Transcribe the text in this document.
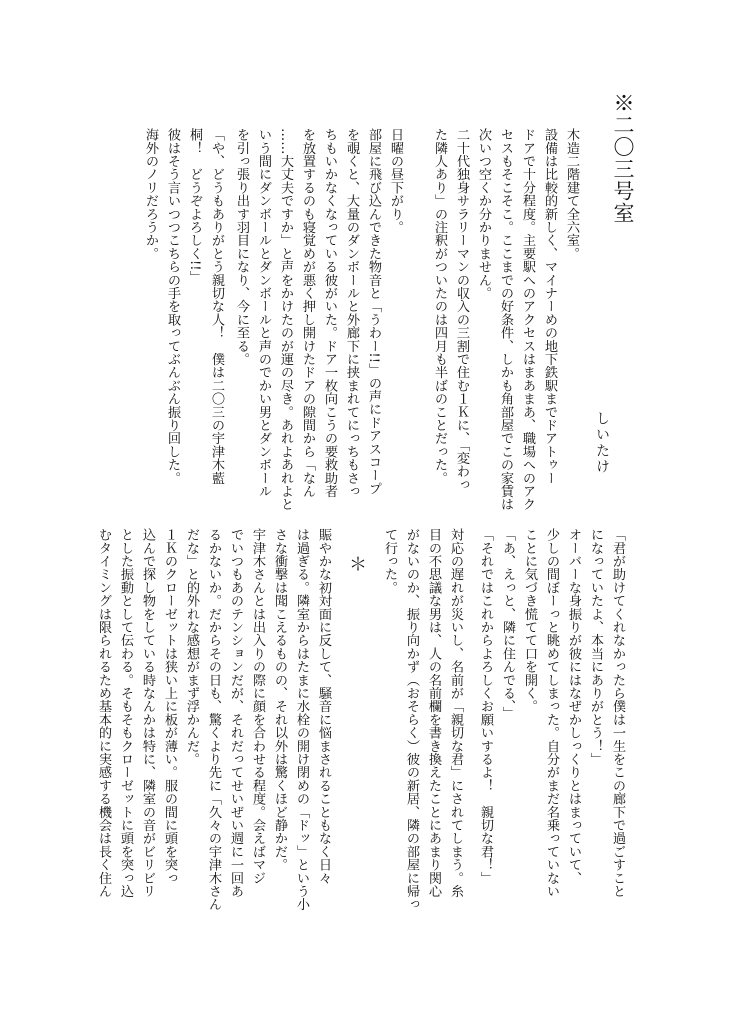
※二〇三号室
しいたけ
木造二階建て全六室。
設備は比較的新しく、マイナーめの地下鉄駅までドアトゥー
ドアで十分程度。主要駅へのアクセスはまあまあ、職場へのアク
セスもそこそこ。ここまでの好条件、しかも角部屋でこの家賃は
次いつ空くか分かりません。
二十代独身サラリーマンの収入の三割で住む１Ｋに、「変わっ
た隣人あり」の注釈がついたのは四月も半ばのことだった。
日曜の昼下がり。
部屋に飛び込んできた物音と「うわー!!」の声にドアスコープ
を覗くと、大量のダンボールと外廊下に挟まれてにっちもさっ
ちもいかなくなっている彼がいた。ドア一枚向こうの要救助者
を放置するのも寝覚めが悪く押し開けたドアの隙間から「なん
……大丈夫ですか」と声をかけたのが運の尽き。あれよあれよと
いう間にダンボールとダンボールと声のでかい男とダンボール
を引っ張り出す羽目になり、今に至る。
「や、どうもありがとう親切な人！　僕は二〇三の宇津木藍
桐！　どうぞよろしく!!」
彼はそう言いつつこちらの手を取ってぶんぶん振り回した。
海外のノリだろうか。
「君が助けてくれなかったら僕は一生をこの廊下で過ごすこと
になっていたよ、本当にありがとう！」
オーバーな身振りが彼にはなぜかしっくりとはまっていて、
少しの間ぼーっと眺めてしまった。自分がまだ名乗っていない
ことに気づき慌てて口を開く。
「あ、えっと、隣に住んでる、」
「それではこれからよろしくお願いするよ！　親切な君！」
対応の遅れが災いし、名前が「親切な君」にされてしまう。糸
目の不思議な男は、人の名前欄を書き換えたことにあまり関心
がないのか、振り向かず（おそらく）彼の新居、隣の部屋に帰っ
て行った。
＊
賑やかな初対面に反して、騒音に悩まされることもなく日々
は過ぎる。隣室からはたまに水栓の開け閉めの「ドッ」という小
さな衝撃は聞こえるものの、それ以外は驚くほど静かだ。
宇津木さんとは出入りの際に顔を合わせる程度。会えばマジ
でいつもあのテンションだが、それだってせいぜい週に一回あ
るかないか。だからその日も、驚くより先に「久々の宇津木さん
だな」と的外れな感想がまず浮かんだ。
１Ｋのクローゼットは狭い上に板が薄い。服の間に頭を突っ
込んで探し物をしている時なんかは特に、隣室の音がビリビリ
とした振動として伝わる。そもそもクローゼットに頭を突っ込
むタイミングは限られるため基本的に実感する機会は長く住ん
